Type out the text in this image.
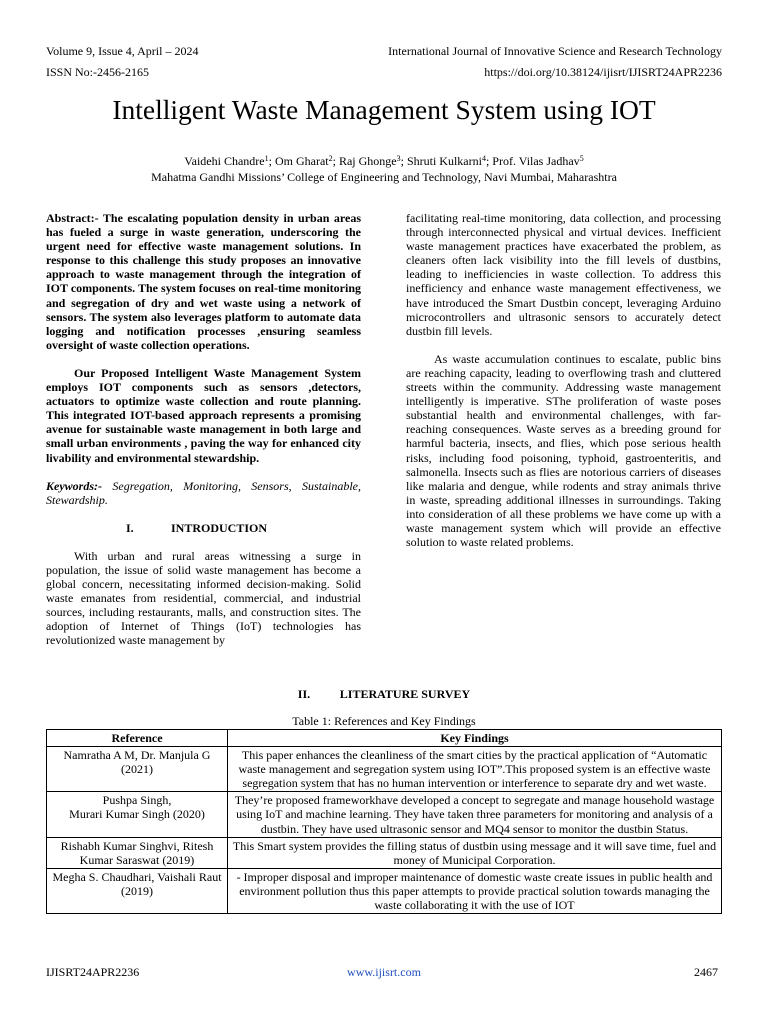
Volume 9, Issue 4, April – 2024
ISSN No:-2456-2165
International Journal of Innovative Science and Research Technology
https://doi.org/10.38124/ijisrt/IJISRT24APR2236
Intelligent Waste Management System using IOT
Vaidehi Chandre$^1$; Om Gharat$^2$; Raj Ghonge$^3$; Shruti Kulkarni$^4$; Prof. Vilas Jadhav$^5$
Mahatma Gandhi Missions’ College of Engineering and Technology, Navi Mumbai, Maharashtra

Abstract:- The escalating population density in urban areas has fueled a surge in waste generation, underscoring the urgent need for effective waste management solutions. In response to this challenge this study proposes an innovative approach to waste management through the integration of IOT components. The system focuses on real-time monitoring and segregation of dry and wet waste using a network of sensors. The system also leverages platform to automate data logging and notification processes ,ensuring seamless oversight of waste collection operations.

Our Proposed Intelligent Waste Management System employs IOT components such as sensors ,detectors, actuators to optimize waste collection and route planning. This integrated IOT-based approach represents a promising avenue for sustainable waste management in both large and small urban environments , paving the way for enhanced city livability and environmental stewardship.

Keywords:- Segregation, Monitoring, Sensors, Sustainable, Stewardship.

I.	INTRODUCTION

With urban and rural areas witnessing a surge in population, the issue of solid waste management has become a global concern, necessitating informed decision-making. Solid waste emanates from residential, commercial, and industrial sources, including restaurants, malls, and construction sites. The adoption of Internet of Things (IoT) technologies has revolutionized waste management by

facilitating real-time monitoring, data collection, and processing through interconnected physical and virtual devices. Inefficient waste management practices have exacerbated the problem, as cleaners often lack visibility into the fill levels of dustbins, leading to inefficiencies in waste collection. To address this inefficiency and enhance waste management effectiveness, we have introduced the Smart Dustbin concept, leveraging Arduino microcontrollers and ultrasonic sensors to accurately detect dustbin fill levels.

As waste accumulation continues to escalate, public bins are reaching capacity, leading to overflowing trash and cluttered streets within the community. Addressing waste management intelligently is imperative. SThe proliferation of waste poses substantial health and environmental challenges, with far-reaching consequences. Waste serves as a breeding ground for harmful bacteria, insects, and flies, which pose serious health risks, including food poisoning, typhoid, gastroenteritis, and salmonella. Insects such as flies are notorious carriers of diseases like malaria and dengue, while rodents and stray animals thrive in waste, spreading additional illnesses in surroundings. Taking into consideration of all these problems we have come up with a waste management system which will provide an effective solution to waste related problems.

II. LITERATURE SURVEY
Table 1: References and Key Findings
Reference	Key Findings
Namratha A M, Dr. Manjula G (2021)	This paper enhances the cleanliness of the smart cities by the practical application of “Automatic waste management and segregation system using IOT”.This proposed system is an effective waste segregation system that has no human intervention or interference to separate dry and wet waste.

Pushpa Singh,
Murari Kumar Singh (2020)	They’re proposed frameworkhave developed a concept to segregate and manage household wastage using IoT and machine learning. They have taken three parameters for monitoring and analysis of a dustbin. They have used ultrasonic sensor and MQ4 sensor to monitor the dustbin Status.
Rishabh Kumar Singhvi, Ritesh Kumar Saraswat (2019)	This Smart system provides the filling status of dustbin using message and it will save time, fuel and money of Municipal Corporation.
Megha S. Chaudhari, Vaishali Raut (2019)	- Improper disposal and improper maintenance of domestic waste create issues in public health and environment pollution thus this paper attempts to provide practical solution towards managing the waste collaborating it with the use of IOT
IJISRT24APR2236	www.ijisrt.com	2467
